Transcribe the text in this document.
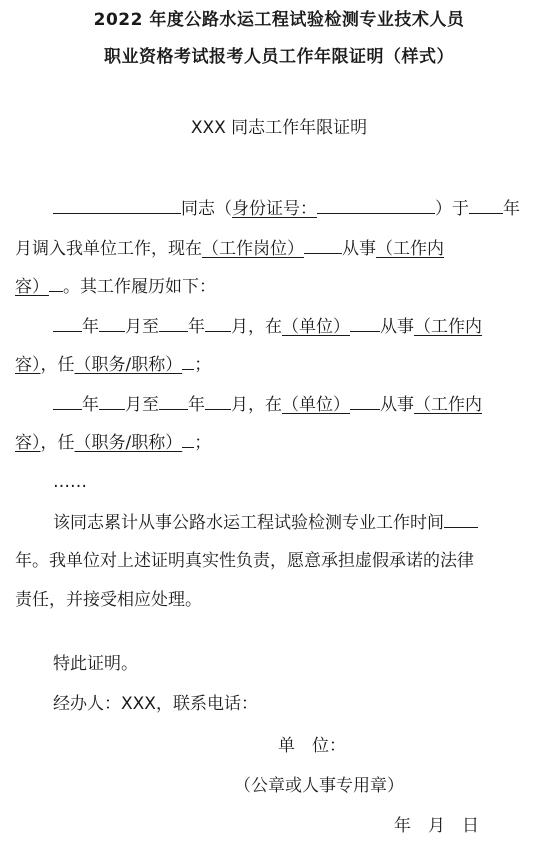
2022 年度公路水运工程试验检测专业技术人员
职业资格考试报考人员工作年限证明（样式）
XXX 同志工作年限证明
同志（身份证号：	）于 年
月调入我单位工作，现在（工作岗位） 从事（工作内
容） 。其工作履历如下：
年 月至 年 月，在（单位） 从事（工作内
容），任（职务/职称） ；
年 月至 年 月，在（单位） 从事（工作内
容），任（职务/职称） ；
……
该同志累计从事公路水运工程试验检测专业工作时间
年。我单位对上述证明真实性负责，愿意承担虚假承诺的法律
责任，并接受相应处理。
特此证明。
经办人：XXX，联系电话：
单　位：
（公章或人事专用章）
年　月　日
